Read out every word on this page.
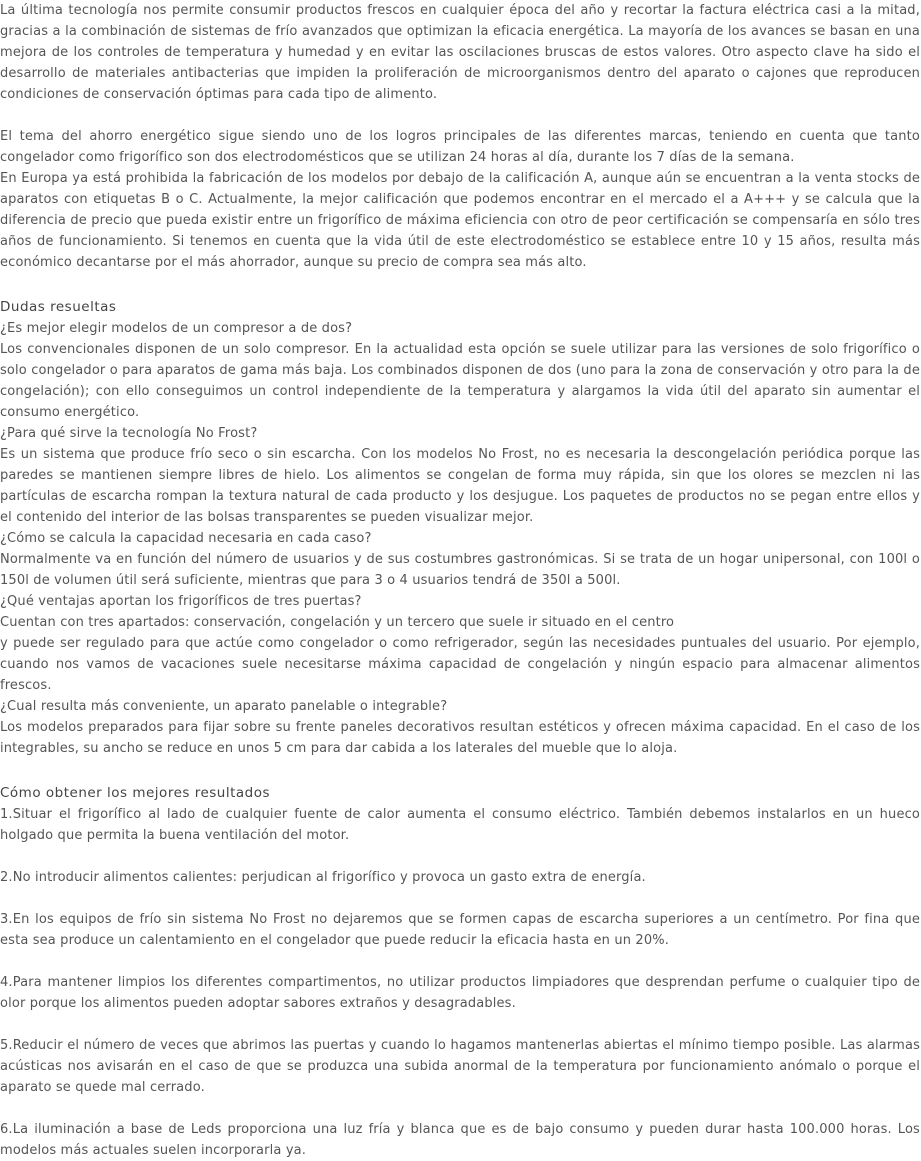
La última tecnología nos permite consumir productos frescos en cualquier época del año y recortar la factura eléctrica casi a la mitad, gracias a la combinación de sistemas de frío avanzados que optimizan la eficacia energética. La mayoría de los avances se basan en una mejora de los controles de temperatura y humedad y en evitar las oscilaciones bruscas de estos valores. Otro aspecto clave ha sido el desarrollo de materiales antibacterias que impiden la proliferación de microorganismos dentro del aparato o cajones que reproducen condiciones de conservación óptimas para cada tipo de alimento.

El tema del ahorro energético sigue siendo uno de los logros principales de las diferentes marcas, teniendo en cuenta que tanto congelador como frigorífico son dos electrodomésticos que se utilizan 24 horas al día, durante los 7 días de la semana.

En Europa ya está prohibida la fabricación de los modelos por debajo de la calificación A, aunque aún se encuentran a la venta stocks de aparatos con etiquetas B o C. Actualmente, la mejor calificación que podemos encontrar en el mercado el a A+++ y se calcula que la diferencia de precio que pueda existir entre un frigorífico de máxima eficiencia con otro de peor certificación se compensaría en sólo tres años de funcionamiento. Si tenemos en cuenta que la vida útil de este electrodoméstico se establece entre 10 y 15 años, resulta más económico decantarse por el más ahorrador, aunque su precio de compra sea más alto.

Dudas resueltas

¿Es mejor elegir modelos de un compresor a de dos?

Los convencionales disponen de un solo compresor. En la actualidad esta opción se suele utilizar para las versiones de solo frigorífico o solo congelador o para aparatos de gama más baja. Los combinados disponen de dos (uno para la zona de conservación y otro para la de congelación); con ello conseguimos un control independiente de la temperatura y alargamos la vida útil del aparato sin aumentar el consumo energético.

¿Para qué sirve la tecnología No Frost?

Es un sistema que produce frío seco o sin escarcha. Con los modelos No Frost, no es necesaria la descongelación periódica porque las paredes se mantienen siempre libres de hielo. Los alimentos se congelan de forma muy rápida, sin que los olores se mezclen ni las partículas de escarcha rompan la textura natural de cada producto y los desjugue. Los paquetes de productos no se pegan entre ellos y el contenido del interior de las bolsas transparentes se pueden visualizar mejor.

¿Cómo se calcula la capacidad necesaria en cada caso?

Normalmente va en función del número de usuarios y de sus costumbres gastronómicas. Si se trata de un hogar unipersonal, con 100l o 150l de volumen útil será suficiente, mientras que para 3 o 4 usuarios tendrá de 350l a 500l.

¿Qué ventajas aportan los frigoríficos de tres puertas?

Cuentan con tres apartados: conservación, congelación y un tercero que suele ir situado en el centro

y puede ser regulado para que actúe como congelador o como refrigerador, según las necesidades puntuales del usuario. Por ejemplo, cuando nos vamos de vacaciones suele necesitarse máxima capacidad de congelación y ningún espacio para almacenar alimentos frescos.

¿Cual resulta más conveniente, un aparato panelable o integrable?

Los modelos preparados para fijar sobre su frente paneles decorativos resultan estéticos y ofrecen máxima capacidad. En el caso de los integrables, su ancho se reduce en unos 5 cm para dar cabida a los laterales del mueble que lo aloja.

Cómo obtener los mejores resultados

1.Situar el frigorífico al lado de cualquier fuente de calor aumenta el consumo eléctrico. También debemos instalarlos en un hueco holgado que permita la buena ventilación del motor.

2.No introducir alimentos calientes: perjudican al frigorífico y provoca un gasto extra de energía.

3.En los equipos de frío sin sistema No Frost no dejaremos que se formen capas de escarcha superiores a un centímetro. Por fina que esta sea produce un calentamiento en el congelador que puede reducir la eficacia hasta en un 20%.

4.Para mantener limpios los diferentes compartimentos, no utilizar productos limpiadores que desprendan perfume o cualquier tipo de olor porque los alimentos pueden adoptar sabores extraños y desagradables.

5.Reducir el número de veces que abrimos las puertas y cuando lo hagamos mantenerlas abiertas el mínimo tiempo posible. Las alarmas acústicas nos avisarán en el caso de que se produzca una subida anormal de la temperatura por funcionamiento anómalo o porque el aparato se quede mal cerrado.

6.La iluminación a base de Leds proporciona una luz fría y blanca que es de bajo consumo y pueden durar hasta 100.000 horas. Los modelos más actuales suelen incorporarla ya.
